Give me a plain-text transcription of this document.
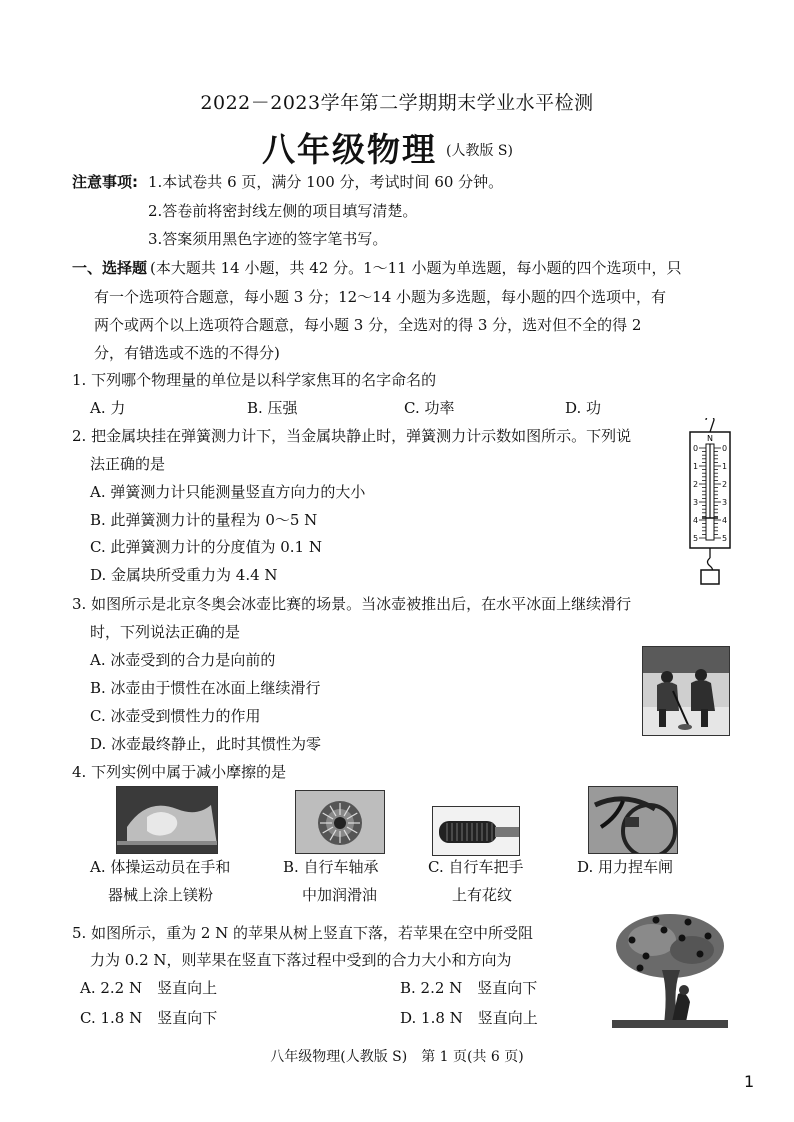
2022－2023学年第二学期期末学业水平检测
八年级物理 (人教版 S)
注意事项: 1.本试卷共 6 页，满分 100 分，考试时间 60 分钟。
2.答卷前将密封线左侧的项目填写清楚。
3.答案须用黑色字迹的签字笔书写。
一、选择题 (本大题共 14 小题，共 42 分。1～11 小题为单选题，每小题的四个选项中，只
有一个选项符合题意，每小题 3 分；12～14 小题为多选题，每小题的四个选项中，有
两个或两个以上选项符合题意，每小题 3 分，全选对的得 3 分，选对但不全的得 2
分，有错选或不选的不得分)
1. 下列哪个物理量的单位是以科学家焦耳的名字命名的
A. 力	B. 压强	C. 功率	D. 功
2. 把金属块挂在弹簧测力计下，当金属块静止时，弹簧测力计示数如图所示。下列说
法正确的是
A. 弹簧测力计只能测量竖直方向力的大小
B. 此弹簧测力计的量程为 0～5 N
C. 此弹簧测力计的分度值为 0.1 N
D. 金属块所受重力为 4.4 N
0
1
2
3
4
5
0
1
2
3
4
5
N
3. 如图所示是北京冬奥会冰壶比赛的场景。当冰壶被推出后，在水平冰面上继续滑行
时，下列说法正确的是
A. 冰壶受到的合力是向前的
B. 冰壶由于惯性在冰面上继续滑行
C. 冰壶受到惯性力的作用
D. 冰壶最终静止，此时其惯性为零
4. 下列实例中属于减小摩擦的是
A. 体操运动员在手和
器械上涂上镁粉
B. 自行车轴承
中加润滑油
C. 自行车把手
上有花纹
D. 用力捏车闸
5. 如图所示，重为 2 N 的苹果从树上竖直下落，若苹果在空中所受阻
力为 0.2 N，则苹果在竖直下落过程中受到的合力大小和方向为
A. 2.2 N　竖直向上	B. 2.2 N　竖直向下
C. 1.8 N　竖直向下	D. 1.8 N　竖直向上
八年级物理(人教版 S)　第 1 页(共 6 页)
1
